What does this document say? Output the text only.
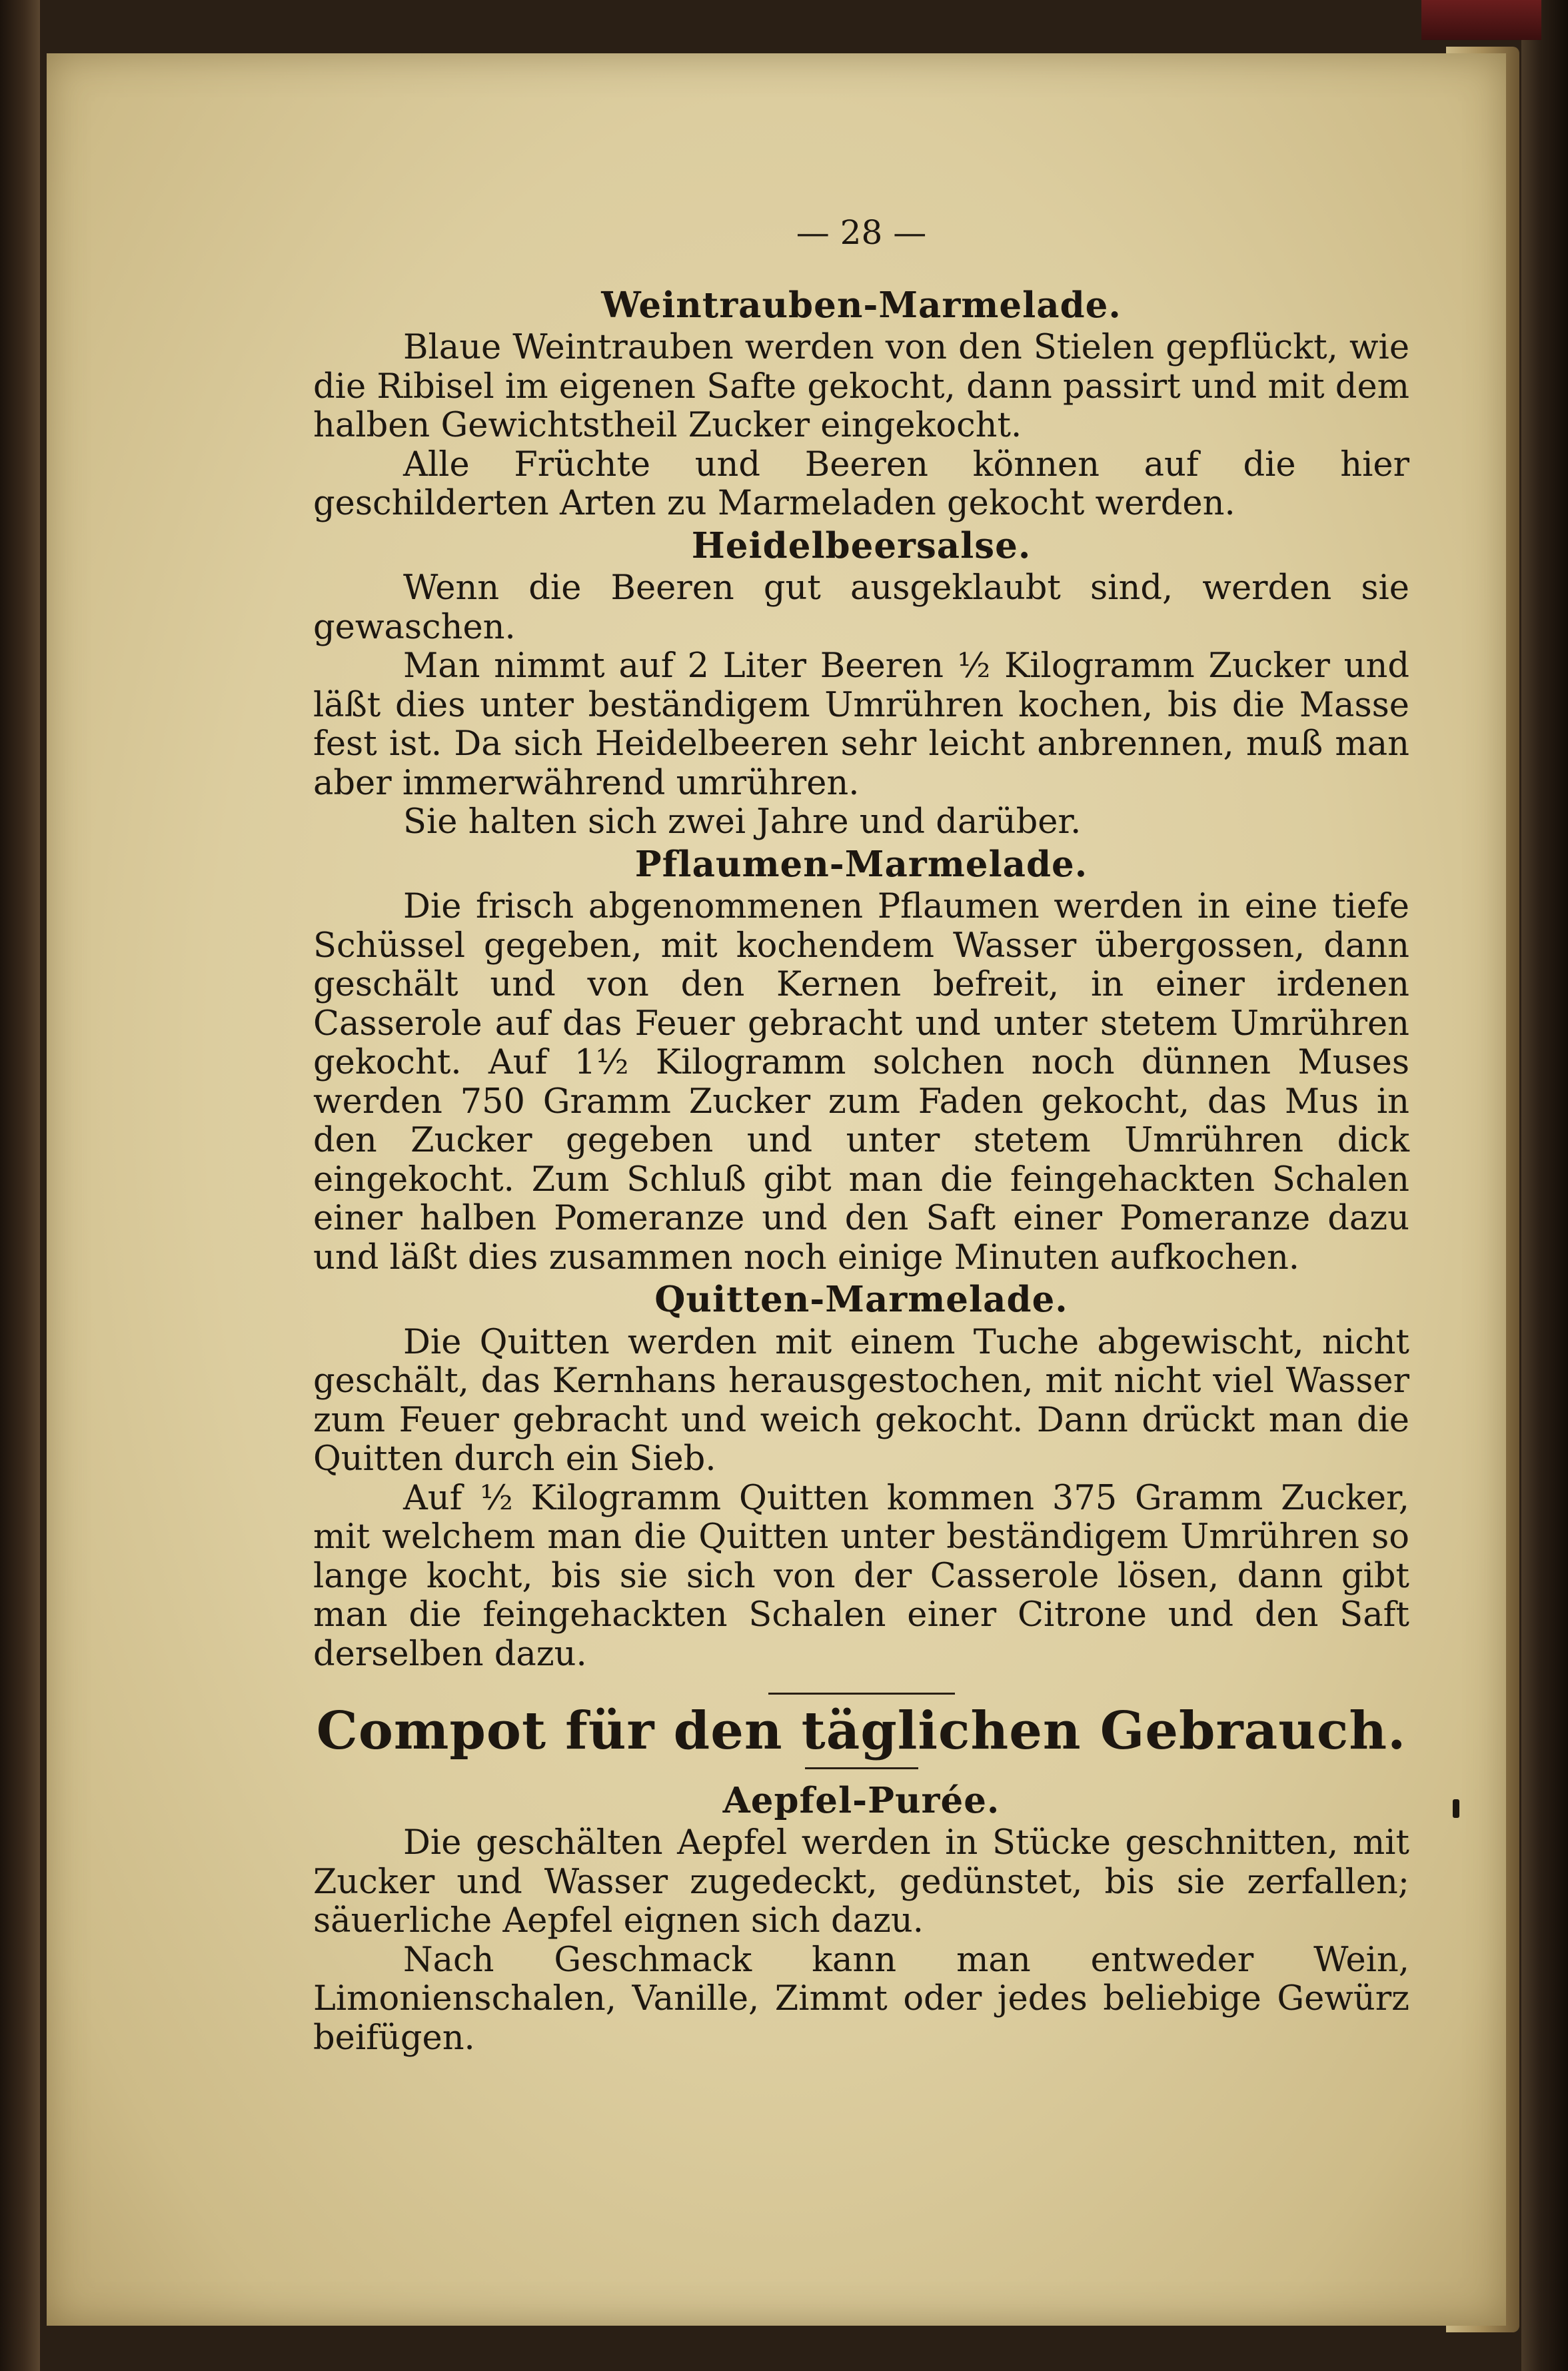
— 28 —
Weintrauben-Marmelade.

Blaue Weintrauben werden von den Stielen gepflückt, wie die Ribisel im eigenen Safte gekocht, dann passirt und mit dem halben Gewichtstheil Zucker eingekocht.

Alle Früchte und Beeren können auf die hier geschilderten Arten zu Marmeladen gekocht werden.

Heidelbeersalse.

Wenn die Beeren gut ausgeklaubt sind, werden sie gewaschen.

Man nimmt auf 2 Liter Beeren ½ Kilogramm Zucker und läßt dies unter beständigem Umrühren kochen, bis die Masse fest ist. Da sich Heidelbeeren sehr leicht anbrennen, muß man aber immerwährend umrühren.

Sie halten sich zwei Jahre und darüber.

Pflaumen-Marmelade.

Die frisch abgenommenen Pflaumen werden in eine tiefe Schüssel gegeben, mit kochendem Wasser übergossen, dann geschält und von den Kernen befreit, in einer irdenen Casserole auf das Feuer gebracht und unter stetem Umrühren gekocht. Auf 1½ Kilogramm solchen noch dünnen Muses werden 750 Gramm Zucker zum Faden gekocht, das Mus in den Zucker gegeben und unter stetem Umrühren dick eingekocht. Zum Schluß gibt man die feingehackten Schalen einer halben Pomeranze und den Saft einer Pomeranze dazu und läßt dies zusammen noch einige Minuten aufkochen.

Quitten-Marmelade.

Die Quitten werden mit einem Tuche abgewischt, nicht geschält, das Kernhans herausgestochen, mit nicht viel Wasser zum Feuer gebracht und weich gekocht. Dann drückt man die Quitten durch ein Sieb.

Auf ½ Kilogramm Quitten kommen 375 Gramm Zucker, mit welchem man die Quitten unter beständigem Umrühren so lange kocht, bis sie sich von der Casserole lösen, dann gibt man die feingehackten Schalen einer Citrone und den Saft derselben dazu.

Compot für den täglichen Gebrauch.
Aepfel-Purée.

Die geschälten Aepfel werden in Stücke geschnitten, mit Zucker und Wasser zugedeckt, gedünstet, bis sie zerfallen; säuerliche Aepfel eignen sich dazu.

Nach Geschmack kann man entweder Wein, Limonienschalen, Vanille, Zimmt oder jedes beliebige Gewürz beifügen.
